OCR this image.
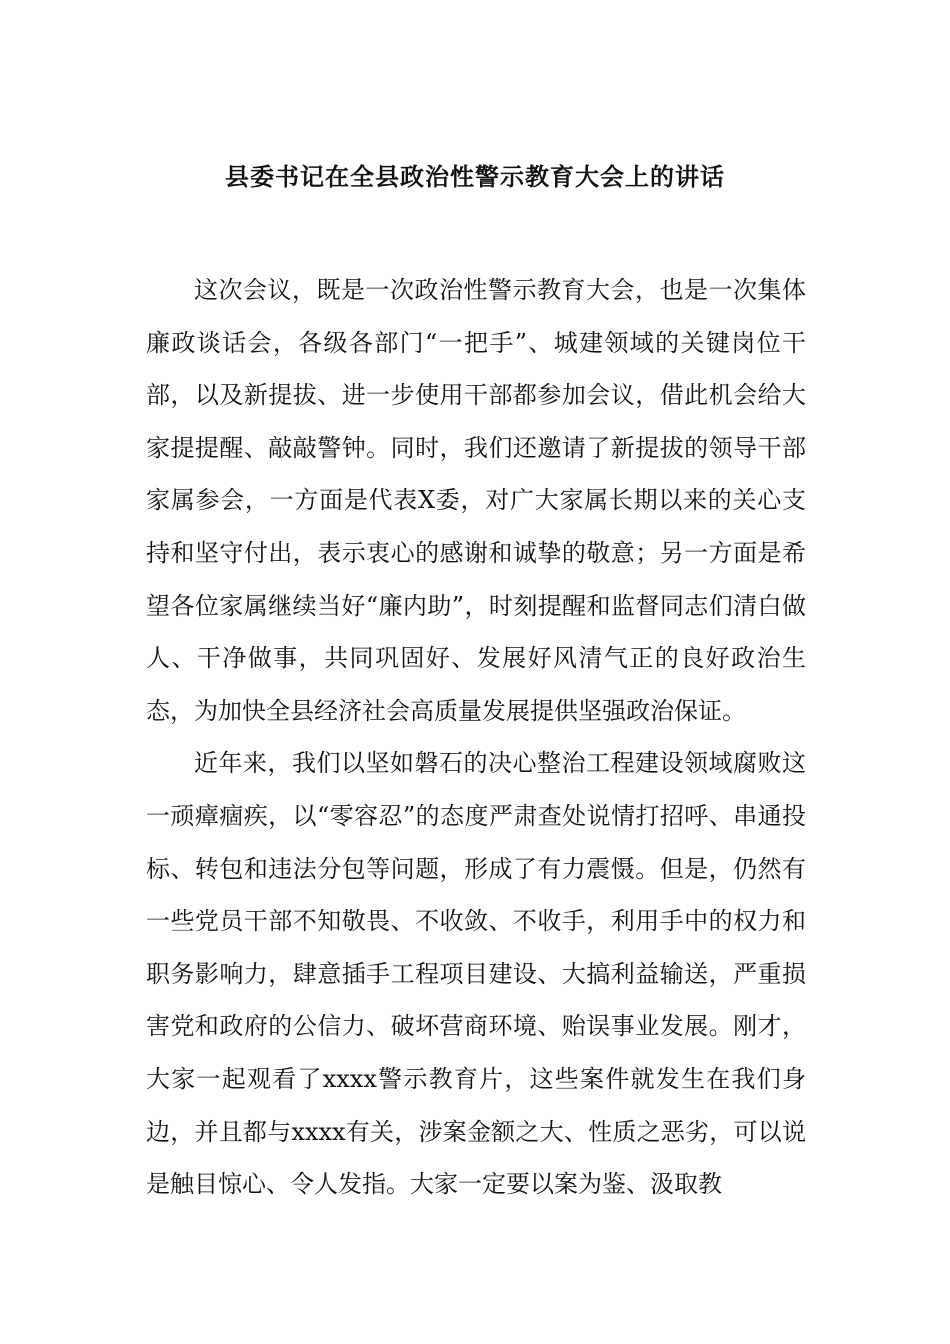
县委书记在全县政治性警示教育大会上的讲话

这次会议，既是一次政治性警示教育大会，也是一次集体廉政谈话会，各级各部门“一把手”、城建领域的关键岗位干部，以及新提拔、进一步使用干部都参加会议，借此机会给大家提提醒、敲敲警钟。同时，我们还邀请了新提拔的领导干部家属参会，一方面是代表X委，对广大家属长期以来的关心支持和坚守付出，表示衷心的感谢和诚挚的敬意；另一方面是希望各位家属继续当好“廉内助”，时刻提醒和监督同志们清白做人、干净做事，共同巩固好、发展好风清气正的良好政治生态，为加快全县经济社会高质量发展提供坚强政治保证。

近年来，我们以坚如磐石的决心整治工程建设领域腐败这一顽瘴痼疾，以“零容忍”的态度严肃查处说情打招呼、串通投标、转包和违法分包等问题，形成了有力震慑。但是，仍然有一些党员干部不知敬畏、不收敛、不收手，利用手中的权力和职务影响力，肆意插手工程项目建设、大搞利益输送，严重损害党和政府的公信力、破坏营商环境、贻误事业发展。刚才，大家一起观看了xxxx警示教育片，这些案件就发生在我们身边，并且都与xxxx有关，涉案金额之大、性质之恶劣，可以说是触目惊心、令人发指。大家一定要以案为鉴、汲取教
